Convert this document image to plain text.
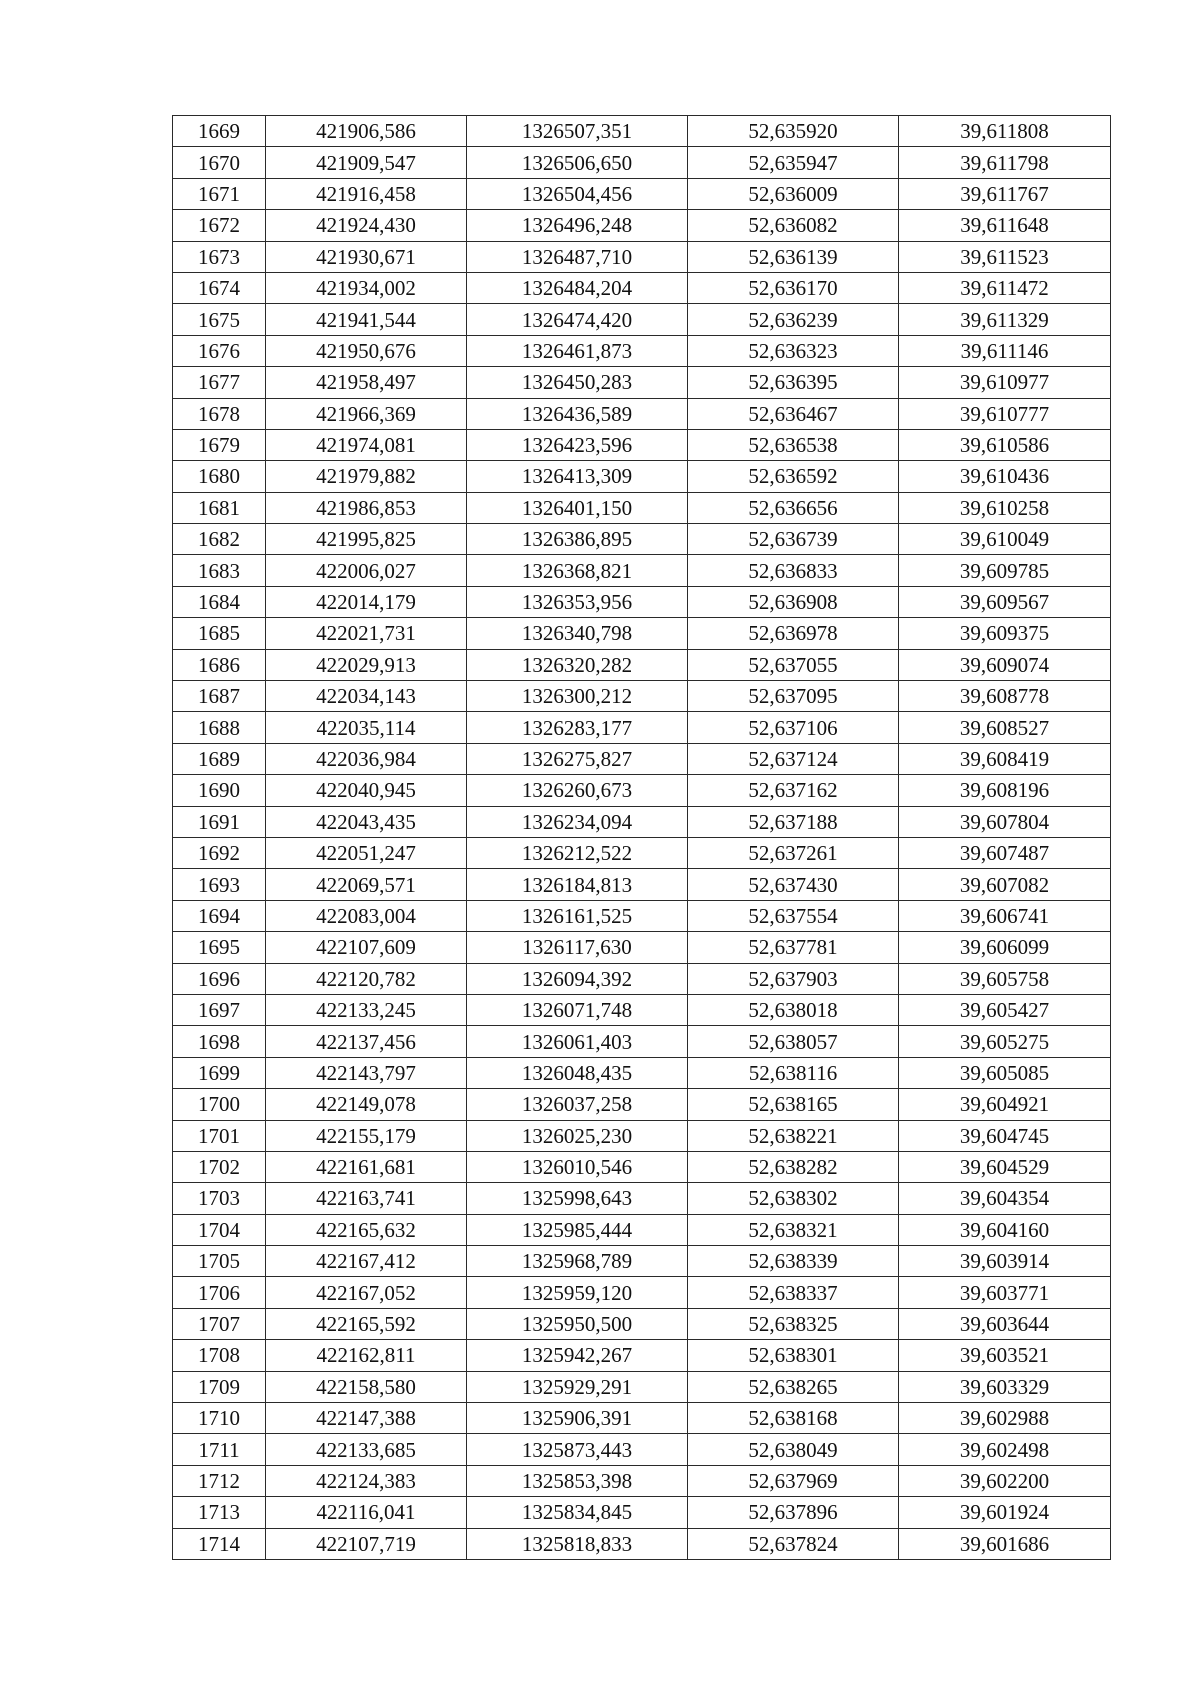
1669	421906,586	1326507,351	52,635920	39,611808
1670	421909,547	1326506,650	52,635947	39,611798
1671	421916,458	1326504,456	52,636009	39,611767
1672	421924,430	1326496,248	52,636082	39,611648
1673	421930,671	1326487,710	52,636139	39,611523
1674	421934,002	1326484,204	52,636170	39,611472
1675	421941,544	1326474,420	52,636239	39,611329
1676	421950,676	1326461,873	52,636323	39,611146
1677	421958,497	1326450,283	52,636395	39,610977
1678	421966,369	1326436,589	52,636467	39,610777
1679	421974,081	1326423,596	52,636538	39,610586
1680	421979,882	1326413,309	52,636592	39,610436
1681	421986,853	1326401,150	52,636656	39,610258
1682	421995,825	1326386,895	52,636739	39,610049
1683	422006,027	1326368,821	52,636833	39,609785
1684	422014,179	1326353,956	52,636908	39,609567
1685	422021,731	1326340,798	52,636978	39,609375
1686	422029,913	1326320,282	52,637055	39,609074
1687	422034,143	1326300,212	52,637095	39,608778
1688	422035,114	1326283,177	52,637106	39,608527
1689	422036,984	1326275,827	52,637124	39,608419
1690	422040,945	1326260,673	52,637162	39,608196
1691	422043,435	1326234,094	52,637188	39,607804
1692	422051,247	1326212,522	52,637261	39,607487
1693	422069,571	1326184,813	52,637430	39,607082
1694	422083,004	1326161,525	52,637554	39,606741
1695	422107,609	1326117,630	52,637781	39,606099
1696	422120,782	1326094,392	52,637903	39,605758
1697	422133,245	1326071,748	52,638018	39,605427
1698	422137,456	1326061,403	52,638057	39,605275
1699	422143,797	1326048,435	52,638116	39,605085
1700	422149,078	1326037,258	52,638165	39,604921
1701	422155,179	1326025,230	52,638221	39,604745
1702	422161,681	1326010,546	52,638282	39,604529
1703	422163,741	1325998,643	52,638302	39,604354
1704	422165,632	1325985,444	52,638321	39,604160
1705	422167,412	1325968,789	52,638339	39,603914
1706	422167,052	1325959,120	52,638337	39,603771
1707	422165,592	1325950,500	52,638325	39,603644
1708	422162,811	1325942,267	52,638301	39,603521
1709	422158,580	1325929,291	52,638265	39,603329
1710	422147,388	1325906,391	52,638168	39,602988
1711	422133,685	1325873,443	52,638049	39,602498
1712	422124,383	1325853,398	52,637969	39,602200
1713	422116,041	1325834,845	52,637896	39,601924
1714	422107,719	1325818,833	52,637824	39,601686
